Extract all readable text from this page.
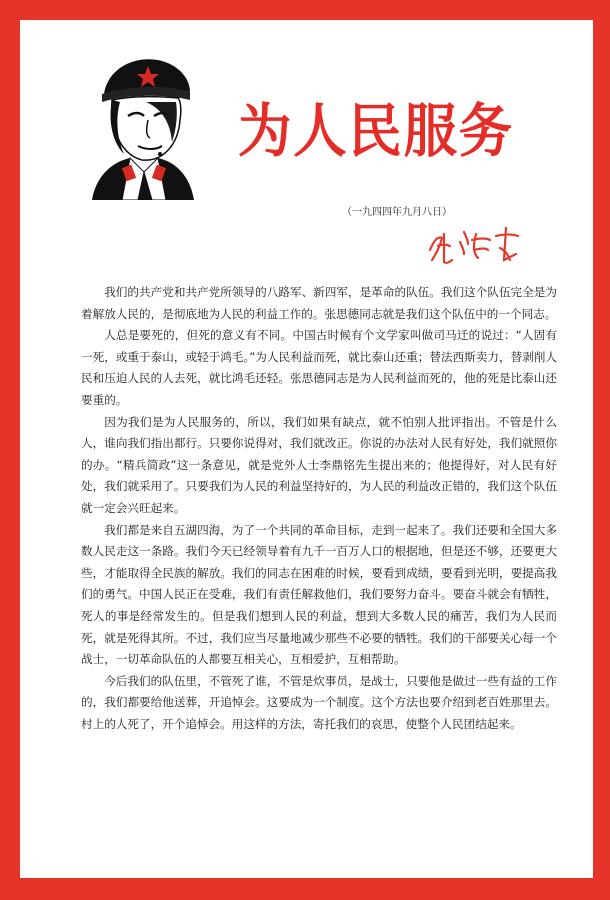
为人民服务
（一九四四年九月八日）

我们的共产党和共产党所领导的八路军、新四军，是革命的队伍。我们这个队伍完全是为着解放人民的，是彻底地为人民的利益工作的。张思德同志就是我们这个队伍中的一个同志。

人总是要死的，但死的意义有不同。中国古时候有个文学家叫做司马迁的说过：“人固有一死，或重于泰山，或轻于鸿毛。”为人民利益而死，就比泰山还重；替法西斯卖力，替剥削人民和压迫人民的人去死，就比鸿毛还轻。张思德同志是为人民利益而死的，他的死是比泰山还要重的。

因为我们是为人民服务的，所以，我们如果有缺点，就不怕别人批评指出。不管是什么人，谁向我们指出都行。只要你说得对，我们就改正。你说的办法对人民有好处，我们就照你的办。“精兵简政”这一条意见，就是党外人士李鼎铭先生提出来的；他提得好，对人民有好处，我们就采用了。只要我们为人民的利益坚持好的，为人民的利益改正错的，我们这个队伍就一定会兴旺起来。

我们都是来自五湖四海，为了一个共同的革命目标，走到一起来了。我们还要和全国大多数人民走这一条路。我们今天已经领导着有九千一百万人口的根据地，但是还不够，还要更大些，才能取得全民族的解放。我们的同志在困难的时候，要看到成绩，要看到光明，要提高我们的勇气。中国人民正在受难，我们有责任解救他们，我们要努力奋斗。要奋斗就会有牺牲，死人的事是经常发生的。但是我们想到人民的利益，想到大多数人民的痛苦，我们为人民而死，就是死得其所。不过，我们应当尽量地减少那些不必要的牺牲。我们的干部要关心每一个战士，一切革命队伍的人都要互相关心，互相爱护，互相帮助。

今后我们的队伍里，不管死了谁，不管是炊事员，是战士，只要他是做过一些有益的工作的，我们都要给他送葬，开追悼会。这要成为一个制度。这个方法也要介绍到老百姓那里去。村上的人死了，开个追悼会。用这样的方法，寄托我们的哀思，使整个人民团结起来。
